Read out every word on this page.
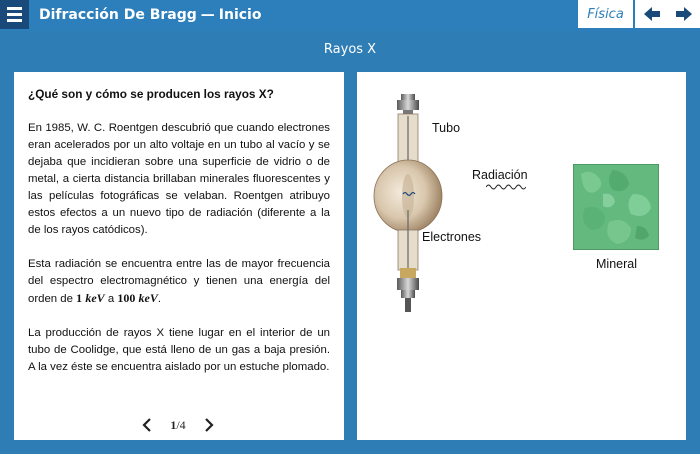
Difracción De Bragg — Inicio	Física
Rayos X
¿Qué son y cómo se producen los rayos X?

En 1985, W. C. Roentgen descubrió que cuando electrones eran acelerados por un alto voltaje en un tubo al vacío y se dejaba que incidieran sobre una superficie de vidrio o de metal, a cierta distancia brillaban minerales fluorescentes y las películas fotográficas se velaban. Roentgen atribuyo estos efectos a un nuevo tipo de radiación (diferente a la de los rayos catódicos).

Esta radiación se encuentra entre las de mayor frecuencia del espectro electromagnético y tienen una energía del orden de 1 keV a 100 keV.

La producción de rayos X tiene lugar en el interior de un tubo de Coolidge, que está lleno de un gas a baja presión. A la vez éste se encuentra aislado por un estuche plomado.

1/4
Tubo
Radiación
Electrones
Mineral
